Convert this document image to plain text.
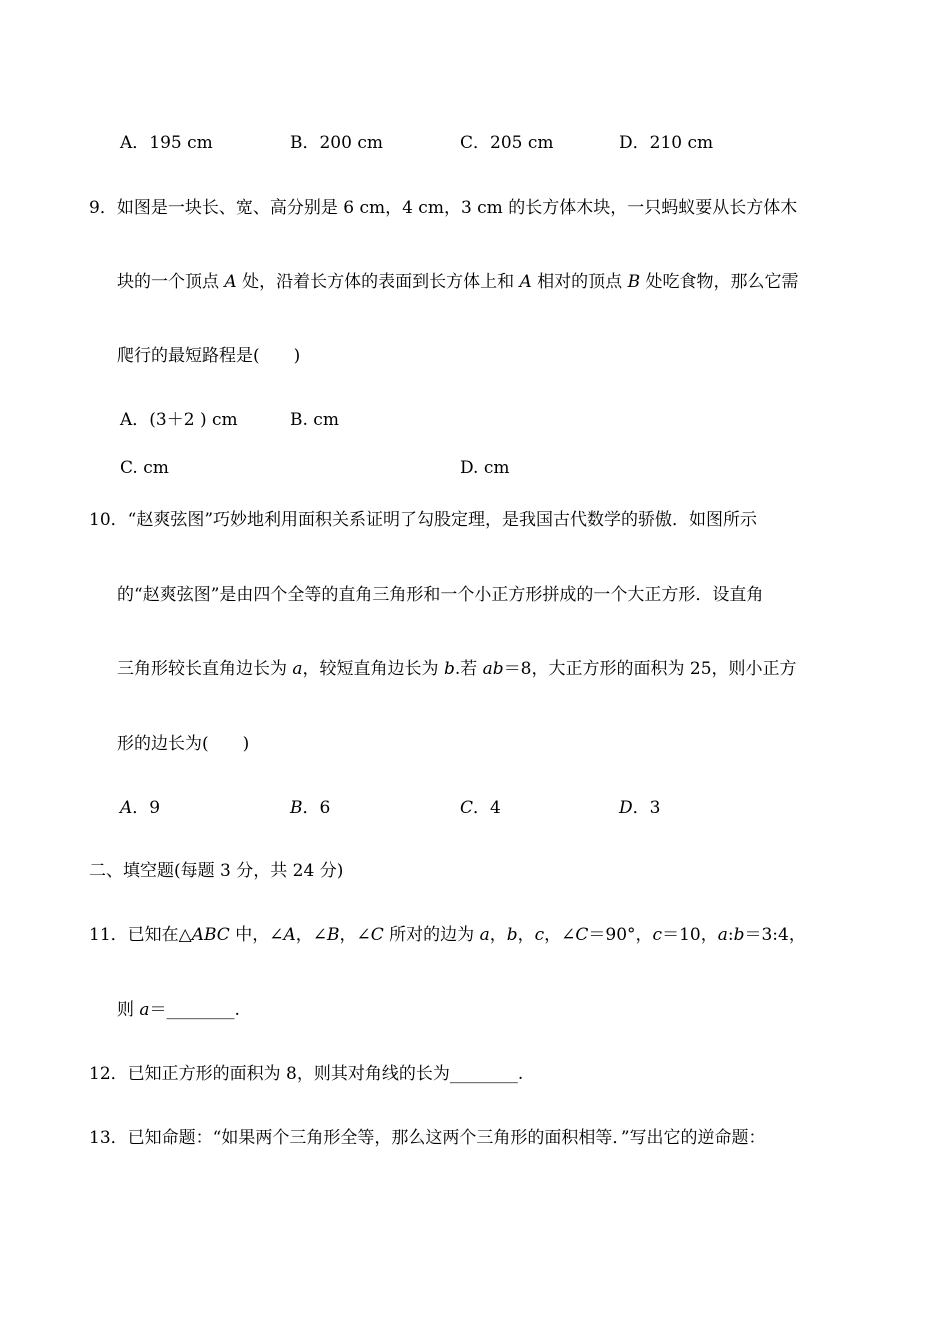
A．195 cm	B．200 cm	C．205 cm	D．210 cm
9．如图是一块长、宽、高分别是 6 cm，4 cm，3 cm 的长方体木块，一只蚂蚁要从长方体木
块的一个顶点 A 处，沿着长方体的表面到长方体上和 A 相对的顶点 B 处吃食物，那么它需
爬行的最短路程是(　　)
A．(3＋2 ) cm	B. cm
C. cm	D. cm
10．“赵爽弦图”巧妙地利用面积关系证明了勾股定理，是我国古代数学的骄傲．如图所示
的“赵爽弦图”是由四个全等的直角三角形和一个小正方形拼成的一个大正方形．设直角
三角形较长直角边长为 a，较短直角边长为 b.若 ab＝8，大正方形的面积为 25，则小正方
形的边长为(　　)
A．9	B．6	C．4	D．3
二、填空题(每题 3 分，共 24 分)
11．已知在△ABC 中，∠A，∠B，∠C 所对的边为 a，b，c，∠C＝90°，c＝10，a:b＝3:4，
则 a＝________.
12．已知正方形的面积为 8，则其对角线的长为________.
13．已知命题：“如果两个三角形全等，那么这两个三角形的面积相等．”写出它的逆命题：
